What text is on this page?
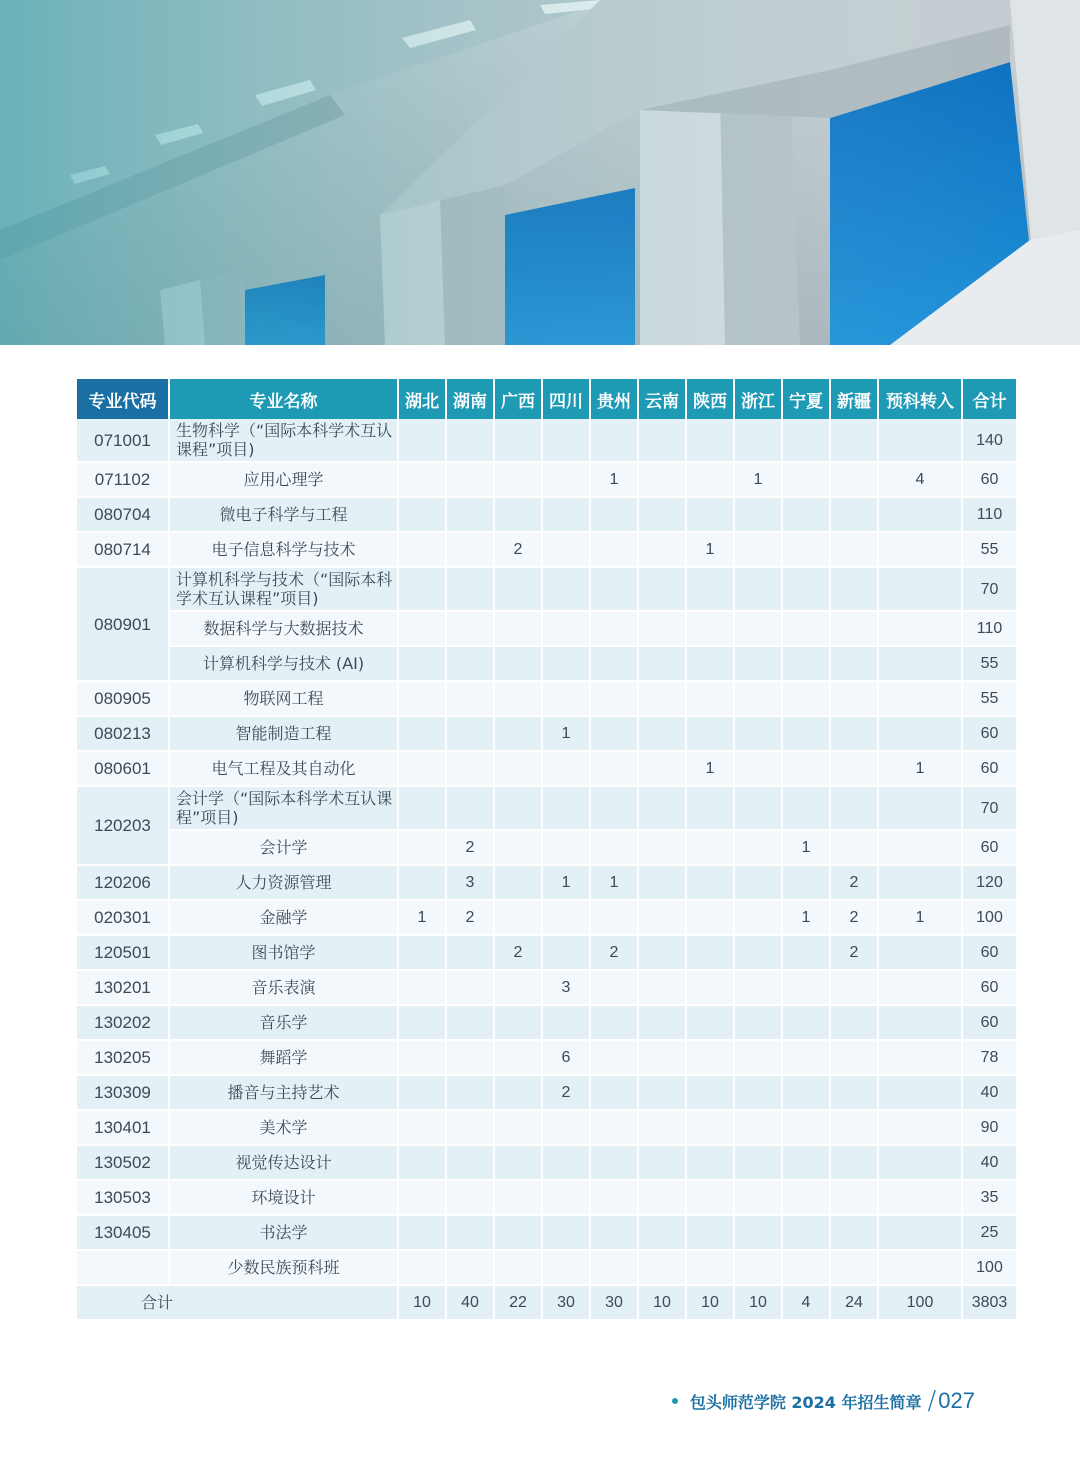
专业代码	专业名称	湖北	湖南	广西	四川	贵州	云南	陕西	浙江	宁夏	新疆	预科转入	合计
071001	生物科学（“国际本科学术互认课程”项目)												140
071102	应用心理学					1			1			4	60
080704	微电子科学与工程												110
080714	电子信息科学与技术			2				1					55
080901	计算机科学与技术（“国际本科学术互认课程”项目)												70
	数据科学与大数据技术												110
	计算机科学与技术 (AI)												55
080905	物联网工程												55
080213	智能制造工程				1								60
080601	电气工程及其自动化							1				1	60
120203	会计学（“国际本科学术互认课程”项目)												70
	会计学		2							1			60
120206	人力资源管理		3		1	1					2		120
020301	金融学	1	2							1	2	1	100
120501	图书馆学			2		2					2		60
130201	音乐表演				3								60
130202	音乐学												60
130205	舞蹈学				6								78
130309	播音与主持艺术				2								40
130401	美术学												90
130502	视觉传达设计												40
130503	环境设计												35
130405	书法学												25
	少数民族预科班												100
合计		10	40	22	30	30	10	10	10	4	24	100	3803
包头师范学院 2024 年招生简章 / 027
